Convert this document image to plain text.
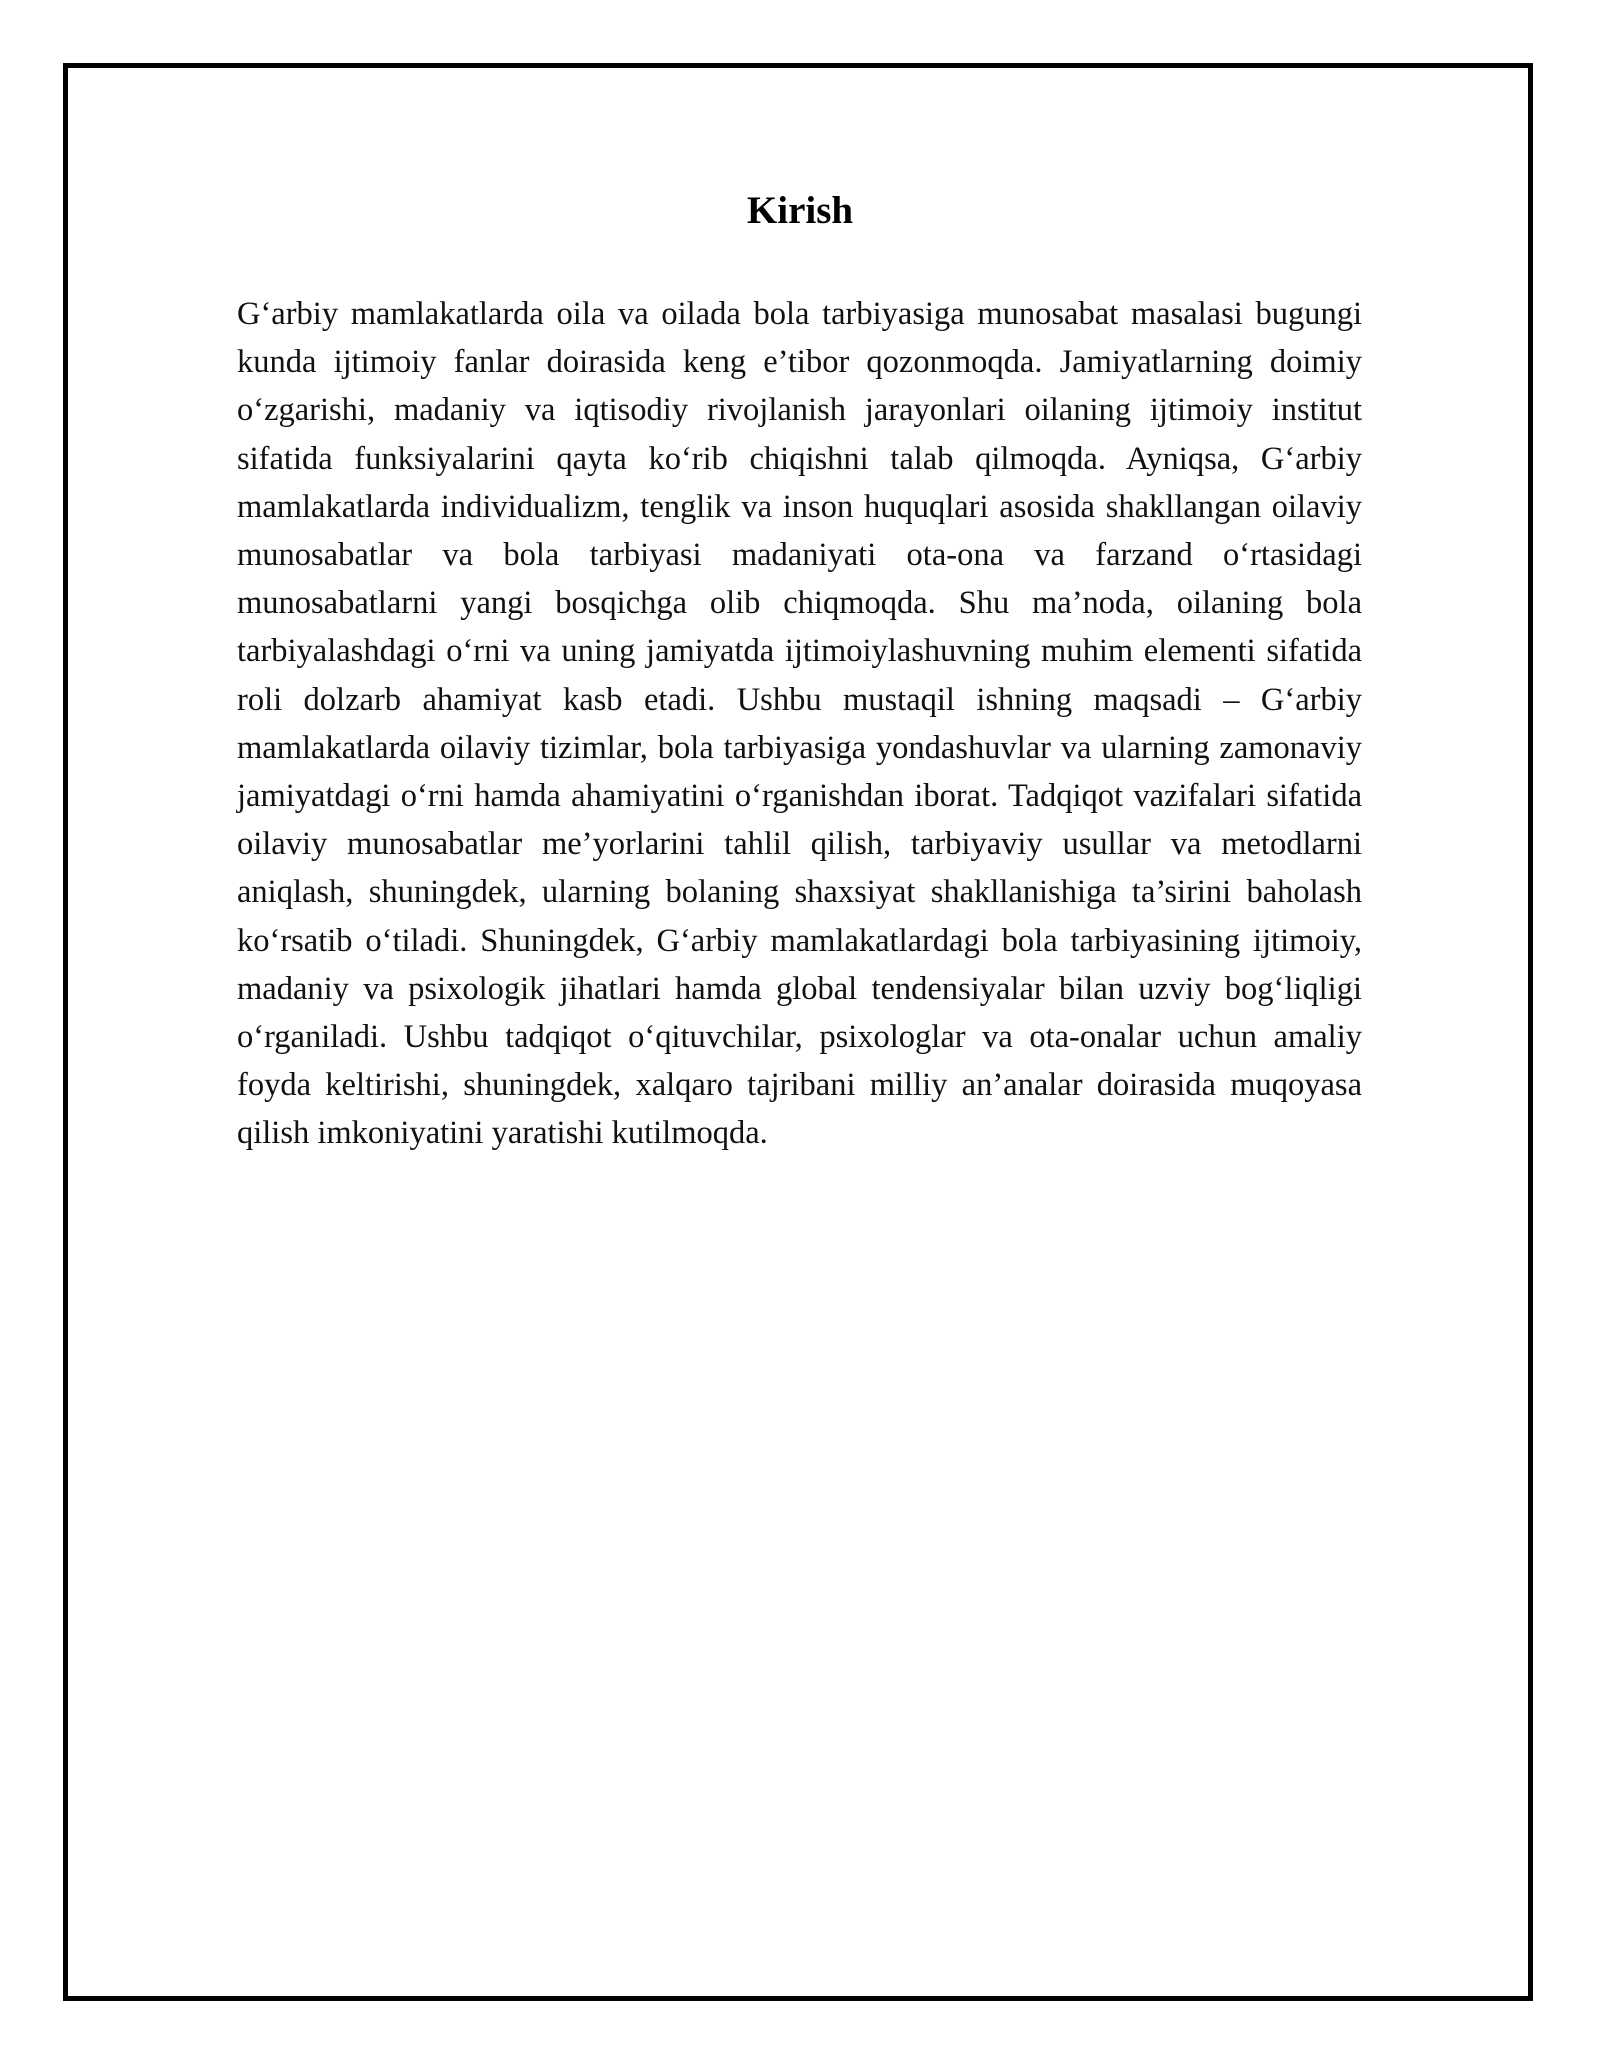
Kirish

G‘arbiy mamlakatlarda oila va oilada bola tarbiyasiga munosabat masalasi bugungi kunda ijtimoiy fanlar doirasida keng e’tibor qozonmoqda. Jamiyatlarning doimiy o‘zgarishi, madaniy va iqtisodiy rivojlanish jarayonlari oilaning ijtimoiy institut sifatida funksiyalarini qayta ko‘rib chiqishni talab qilmoqda. Ayniqsa, G‘arbiy mamlakatlarda individualizm, tenglik va inson huquqlari asosida shakllangan oilaviy munosabatlar va bola tarbiyasi madaniyati ota-ona va farzand o‘rtasidagi munosabatlarni yangi bosqichga olib chiqmoqda. Shu ma’noda, oilaning bola tarbiyalashdagi o‘rni va uning jamiyatda ijtimoiylashuvning muhim elementi sifatida roli dolzarb ahamiyat kasb etadi. Ushbu mustaqil ishning maqsadi – G‘arbiy mamlakatlarda oilaviy tizimlar, bola tarbiyasiga yondashuvlar va ularning zamonaviy jamiyatdagi o‘rni hamda ahamiyatini o‘rganishdan iborat. Tadqiqot vazifalari sifatida oilaviy munosabatlar me’yorlarini tahlil qilish, tarbiyaviy usullar va metodlarni aniqlash, shuningdek, ularning bolaning shaxsiyat shakllanishiga ta’sirini baholash ko‘rsatib o‘tiladi. Shuningdek, G‘arbiy mamlakatlardagi bola tarbiyasining ijtimoiy, madaniy va psixologik jihatlari hamda global tendensiyalar bilan uzviy bog‘liqligi o‘rganiladi. Ushbu tadqiqot o‘qituvchilar, psixologlar va ota-onalar uchun amaliy foyda keltirishi, shuningdek, xalqaro tajribani milliy an’analar doirasida muqoyasa qilish imkoniyatini yaratishi kutilmoqda.
